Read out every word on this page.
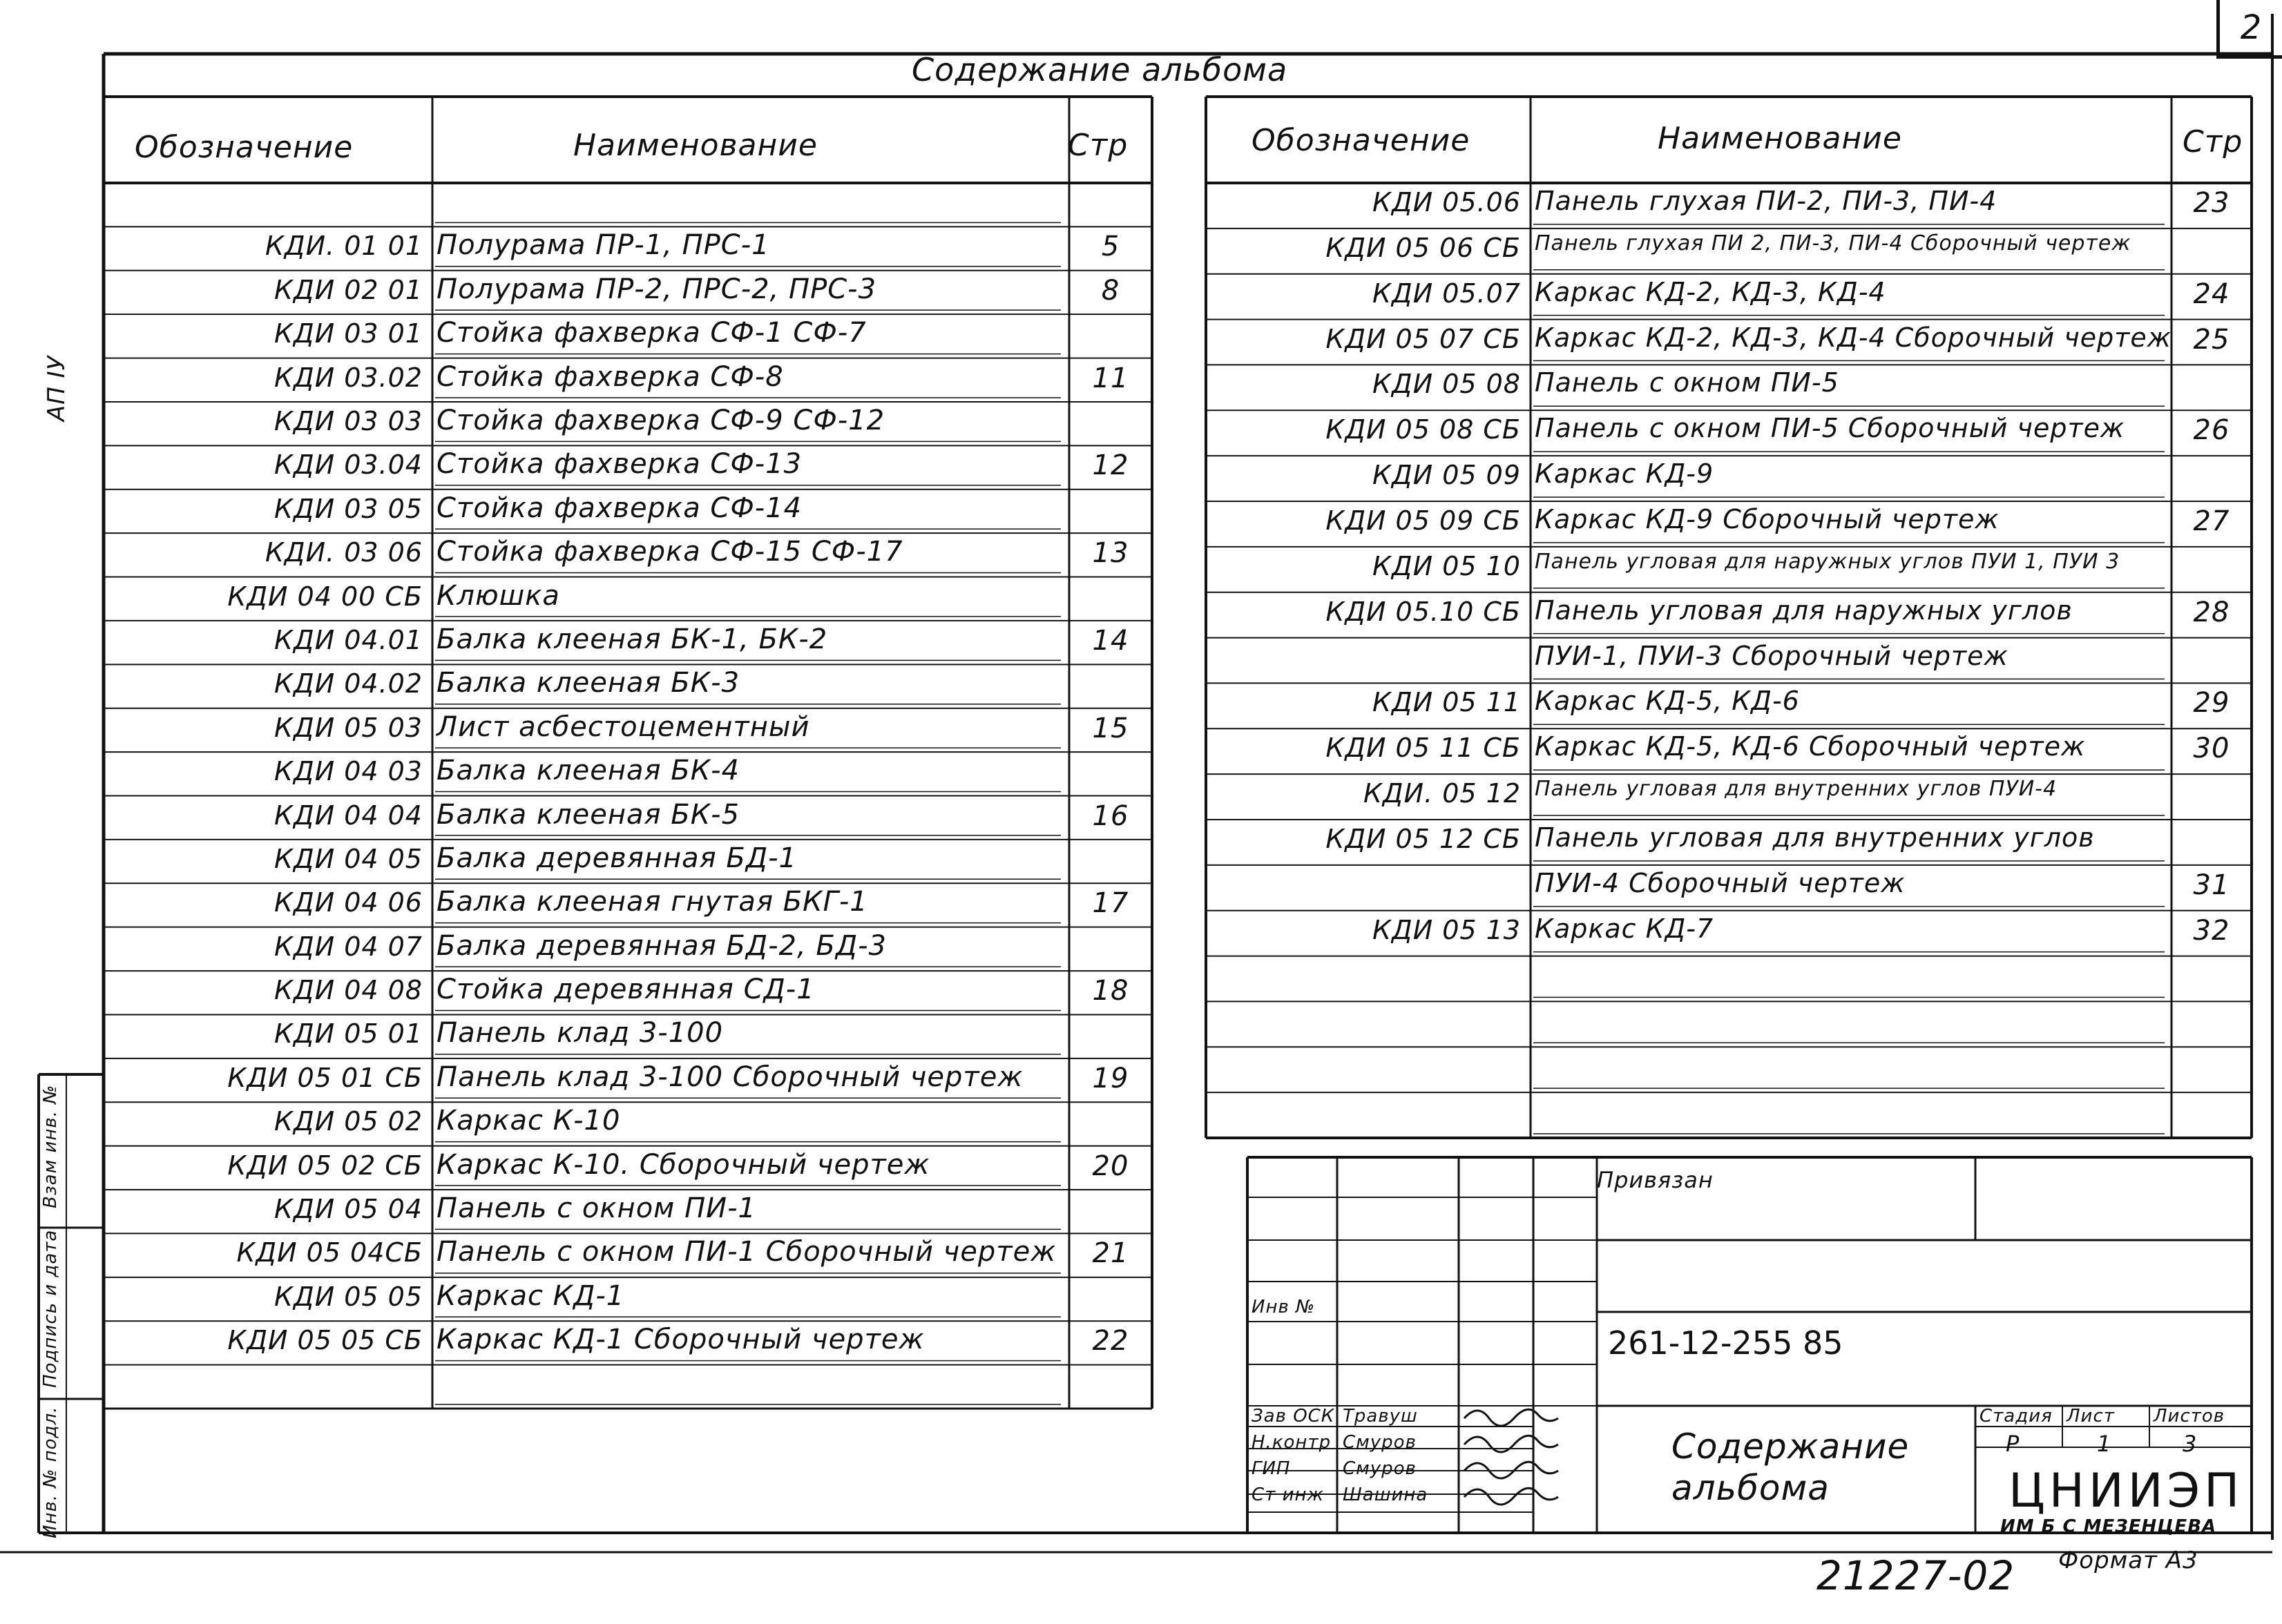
2
Содержание альбома
АП ІУ
Обозначение	Наименование	Стр	Обозначение	Наименование	Стр
КДИ. 01 01 Полурама ПР-1, ПРС-1	5
КДИ 02 01 Полурама ПР-2, ПРС-2, ПРС-3	8
КДИ 03 01 Стойка фахверка СФ-1 СФ-7
КДИ 03.02 Стойка фахверка СФ-8	11
КДИ 03 03 Стойка фахверка СФ-9 СФ-12
КДИ 03.04 Стойка фахверка СФ-13	12
КДИ 03 05 Стойка фахверка СФ-14
КДИ. 03 06 Стойка фахверка СФ-15 СФ-17	13
КДИ 04 00 СБ Клюшка
КДИ 04.01 Балка клееная БК-1, БК-2	14
КДИ 04.02 Балка клееная БК-3
КДИ 05 03 Лист асбестоцементный	15
КДИ 04 03 Балка клееная БК-4
КДИ 04 04 Балка клееная БК-5	16
КДИ 04 05 Балка деревянная БД-1
КДИ 04 06 Балка клееная гнутая БКГ-1	17
КДИ 04 07 Балка деревянная БД-2, БД-3
КДИ 04 08 Стойка деревянная СД-1	18
КДИ 05 01 Панель клад 3-100
КДИ 05 01 СБ Панель клад 3-100 Сборочный чертеж	19
КДИ 05 02 Каркас К-10
КДИ 05 02 СБ Каркас К-10. Сборочный чертеж	20
КДИ 05 04 Панель с окном ПИ-1
КДИ 05 04СБ Панель с окном ПИ-1 Сборочный чертеж	21
КДИ 05 05 Каркас КД-1
КДИ 05 05 СБ Каркас КД-1 Сборочный чертеж	22
КДИ 05.06 Панель глухая ПИ-2, ПИ-3, ПИ-4	23
КДИ 05 06 СБ Панель глухая ПИ 2, ПИ-3, ПИ-4 Сборочный чертеж
КДИ 05.07 Каркас КД-2, КД-3, КД-4	24
КДИ 05 07 СБ Каркас КД-2, КД-3, КД-4 Сборочный чертеж 25
КДИ 05 08 Панель с окном ПИ-5
КДИ 05 08 СБ Панель с окном ПИ-5 Сборочный чертеж	26
КДИ 05 09 Каркас КД-9
КДИ 05 09 СБ Каркас КД-9 Сборочный чертеж	27
КДИ 05 10 Панель угловая для наружных углов ПУИ 1, ПУИ 3
КДИ 05.10 СБ Панель угловая для наружных углов	28
ПУИ-1, ПУИ-3 Сборочный чертеж
КДИ 05 11 Каркас КД-5, КД-6	29
КДИ 05 11 СБ Каркас КД-5, КД-6 Сборочный чертеж	30
КДИ. 05 12 Панель угловая для внутренних углов ПУИ-4
КДИ 05 12 СБ Панель угловая для внутренних углов
ПУИ-4 Сборочный чертеж	31
КДИ 05 13 Каркас КД-7	32
Инв. № подл.
Подпись и дата
Взам инв. №	Привязан
Инв №
261-12-255 85
Содержание
альбома
Стадия Лист Листов
Р	1	3
ЦНИИЭП
ИМ Б С МЕЗЕНЦЕВА
Формат А3
21227-02
Зав ОСК Травуш
Н.контр Смуров
ГИП	Смуров
Ст инж Шашина
